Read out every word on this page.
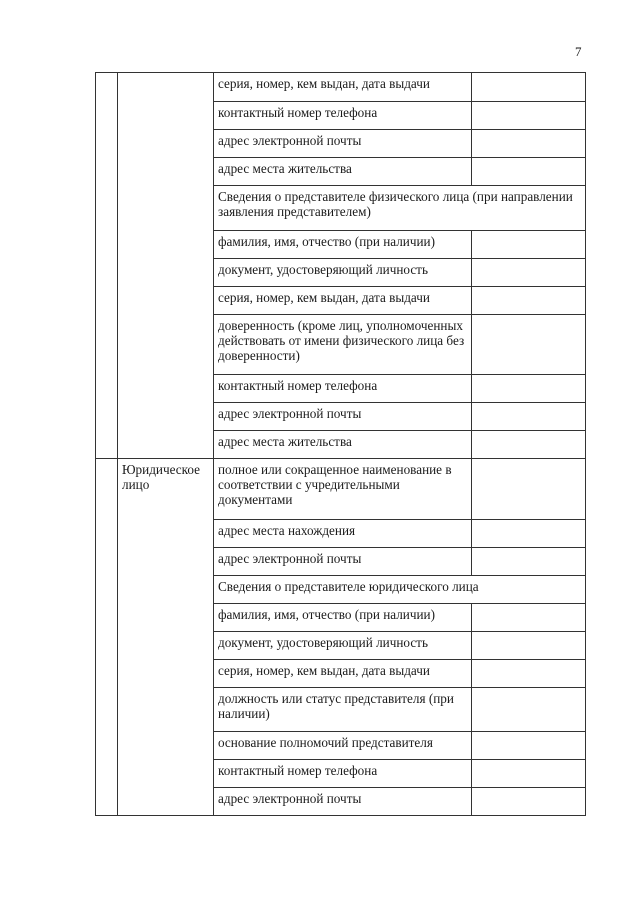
7
		серия, номер, кем выдан, дата выдачи	
		контактный номер телефона	
		адрес электронной почты	
		адрес места жительства	
		Сведения о представителе физического лица (при направлении заявления представителем)	
		фамилия, имя, отчество (при наличии)	
		документ, удостоверяющий личность	
		серия, номер, кем выдан, дата выдачи	
		доверенность (кроме лиц, уполномоченных действовать от имени физического лица без доверенности)	
		контактный номер телефона	
		адрес электронной почты	
		адрес места жительства	
	Юридическое лицо	полное или сокращенное наименование в соответствии с учредительными документами	
		адрес места нахождения	
		адрес электронной почты	
		Сведения о представителе юридического лица	
		фамилия, имя, отчество (при наличии)	
		документ, удостоверяющий личность	
		серия, номер, кем выдан, дата выдачи	
		должность или статус представителя (при наличии)	
		основание полномочий представителя	
		контактный номер телефона	
		адрес электронной почты	
